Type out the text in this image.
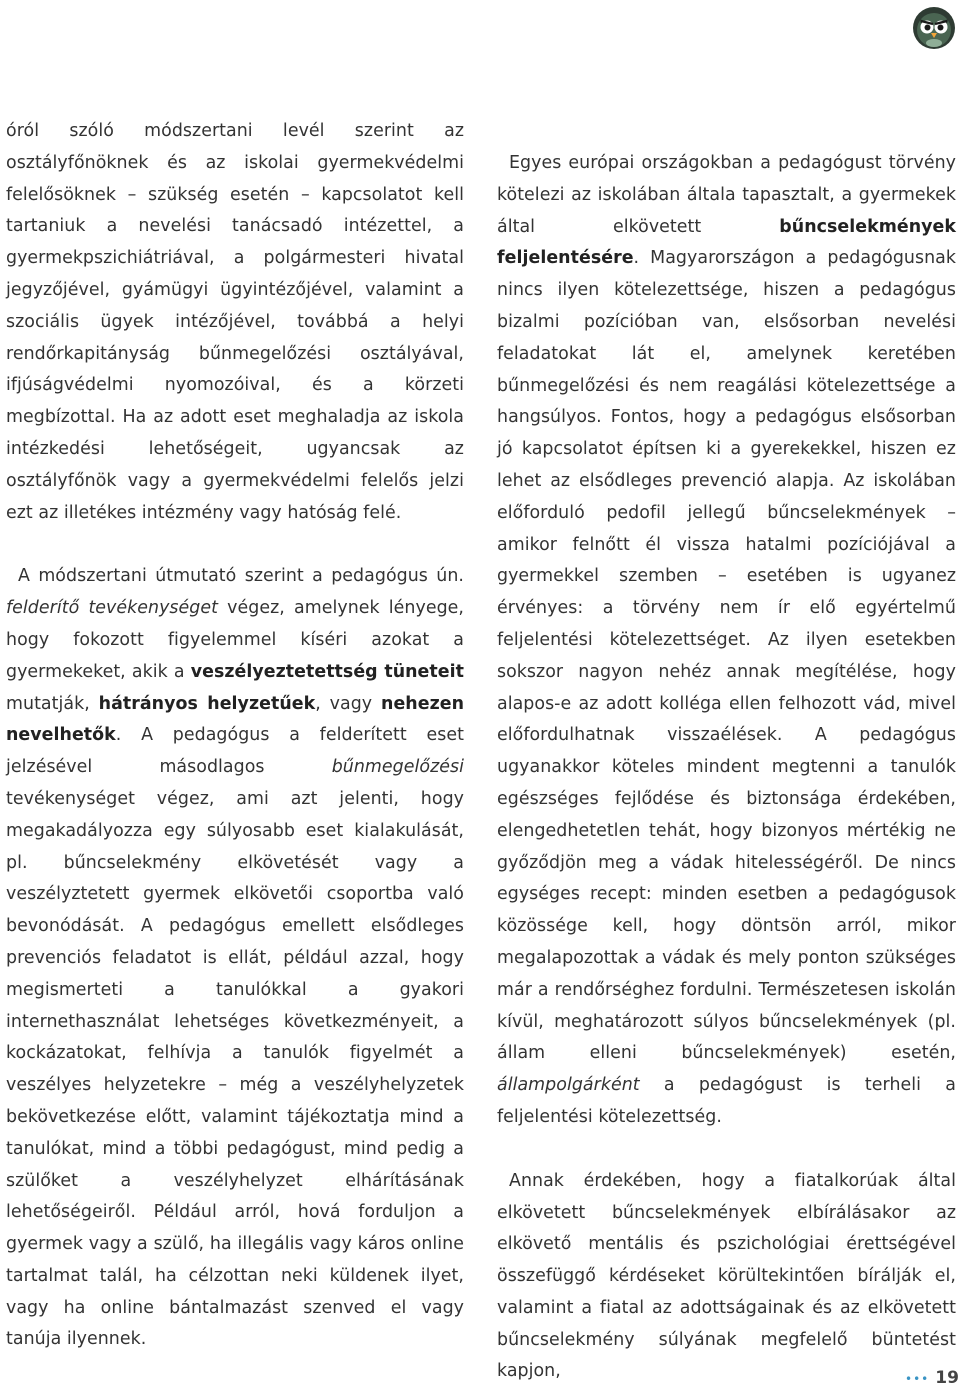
óról szóló módszertani levél szerint az osztályfőnöknek és az iskolai gyermekvédelmi felelősöknek – szükség esetén – kapcsolatot kell tartaniuk a nevelési tanácsadó intézettel, a gyermekpszichiátriával, a polgármesteri hivatal jegyzőjével, gyámügyi ügyintézőjével, valamint a szociális ügyek intézőjével, továbbá a helyi rendőrkapitányság bűnmegelőzési osztályával, ifjúságvédelmi nyomozóival, és a körzeti megbízottal. Ha az adott eset meghaladja az iskola intézkedési lehetőségeit, ugyancsak az osztályfőnök vagy a gyermekvédelmi felelős jelzi ezt az illetékes intézmény vagy hatóság felé.

A módszertani útmutató szerint a pedagógus ún. felderítő tevékenységet végez, amelynek lényege, hogy fokozott figyelemmel kíséri azokat a gyermekeket, akik a veszélyeztetettség tüneteit mutatják, hátrányos helyzetűek, vagy nehezen nevelhetők. A pedagógus a felderített eset jelzésével másodlagos bűnmegelőzési tevékenységet végez, ami azt jelenti, hogy megakadályozza egy súlyosabb eset kialakulását, pl. bűncselekmény elkövetését vagy a veszélyztetett gyermek elkövetői csoportba való bevonódását. A pedagógus emellett elsődleges prevenciós feladatot is ellát, például azzal, hogy megismerteti a tanulókkal a gyakori internethasználat lehetséges következményeit, a kockázatokat, felhívja a tanulók figyelmét a veszélyes helyzetekre – még a veszélyhelyzetek bekövetkezése előtt, valamint tájékoztatja mind a tanulókat, mind a többi pedagógust, mind pedig a szülőket a veszélyhelyzet elhárításának lehetőségeiről. Például arról, hová forduljon a gyermek vagy a szülő, ha illegális vagy káros online tartalmat talál, ha célzottan neki küldenek ilyet, vagy ha online bántalmazást szenved el vagy tanúja ilyennek.

Egyes európai országokban a pedagógust törvény kötelezi az iskolában általa tapasztalt, a gyermekek által elkövetett bűncselekmények feljelentésére. Magyarországon a pedagógusnak nincs ilyen kötelezettsége, hiszen a pedagógus bizalmi pozícióban van, elsősorban nevelési feladatokat lát el, amelynek keretében bűnmegelőzési és nem reagálási kötelezettsége a hangsúlyos. Fontos, hogy a pedagógus elsősorban jó kapcsolatot építsen ki a gyerekekkel, hiszen ez lehet az elsődleges prevenció alapja. Az iskolában előforduló pedofil jellegű bűncselekmények – amikor felnőtt él vissza hatalmi pozíciójával a gyermekkel szemben – esetében is ugyanez érvényes: a törvény nem ír elő egyértelmű feljelentési kötelezettséget. Az ilyen esetekben sokszor nagyon nehéz annak megítélése, hogy alapos-e az adott kolléga ellen felhozott vád, mivel előfordulhatnak visszaélések. A pedagógus ugyanakkor köteles mindent megtenni a tanulók egészséges fejlődése és biztonsága érdekében, elengedhetetlen tehát, hogy bizonyos mértékig ne győződjön meg a vádak hitelességéről. De nincs egységes recept: minden esetben a pedagógusok közössége kell, hogy döntsön arról, mikor megalapozottak a vádak és mely ponton szükséges már a rendőrséghez fordulni. Természetesen iskolán kívül, meghatározott súlyos bűncselekmények (pl. állam elleni bűncselekmények) esetén, állampolgárként a pedagógust is terheli a feljelentési kötelezettség.

Annak érdekében, hogy a fiatalkorúak által elkövetett bűncselekmények elbírálásakor az elkövető mentális és pszichológiai érettségével összefüggő kérdéseket körültekintően bírálják el, valamint a fiatal az adottságainak és az elkövetett bűncselekmény súlyának megfelelő büntetést kapjon,	••• 19
